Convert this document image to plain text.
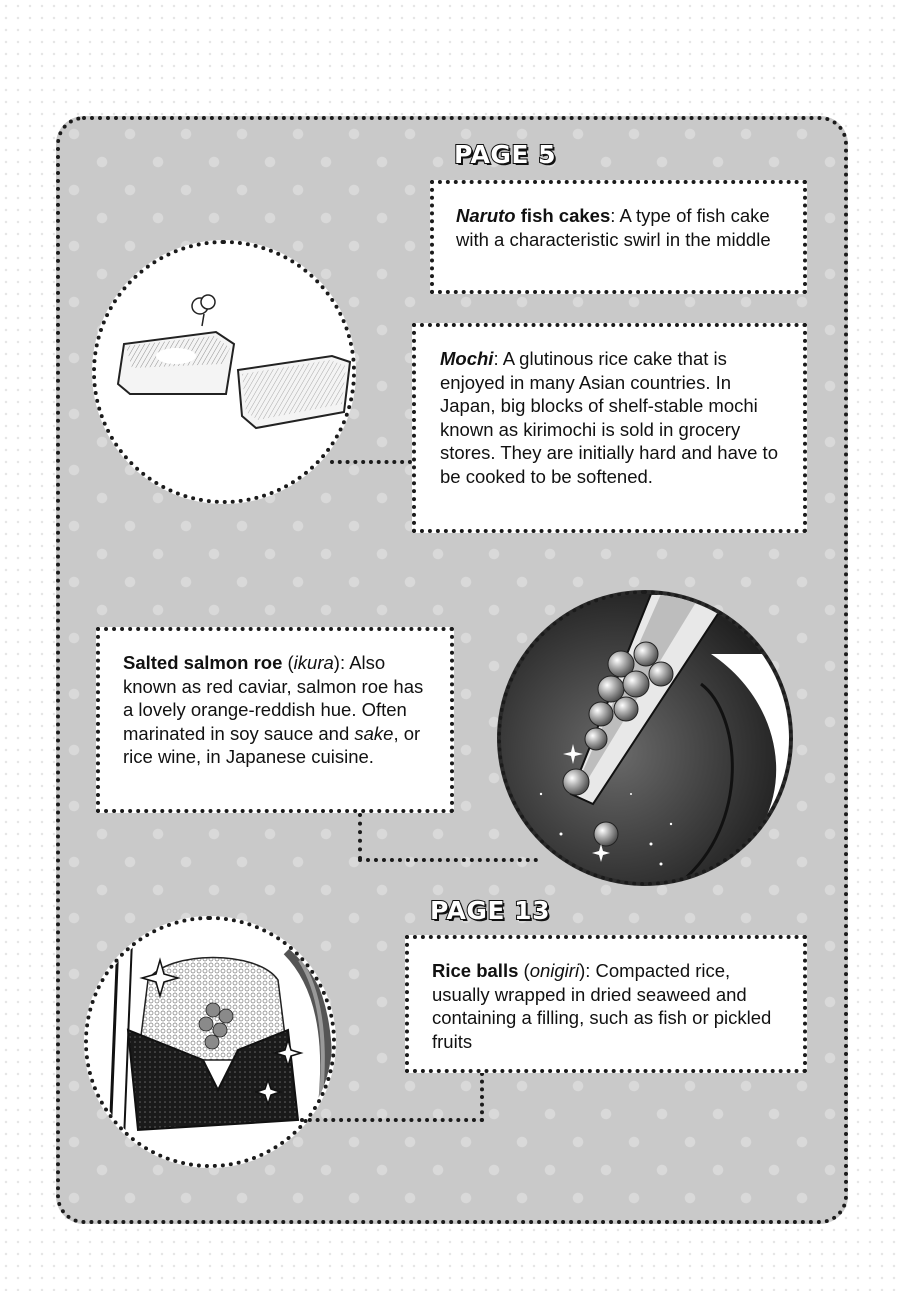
PAGE 5

Naruto fish cakes: A type of fish cake with a characteristic swirl in the middle

Mochi: A glutinous rice cake that is enjoyed in many Asian countries. In Japan, big blocks of shelf-stable mochi known as kirimochi is sold in grocery stores. They are initially hard and have to be cooked to be softened.

Salted salmon roe (ikura): Also known as red caviar, salmon roe has a lovely orange-reddish hue. Often marinated in soy sauce and sake, or rice wine, in Japanese cuisine.

PAGE 13

Rice balls (onigiri): Compacted rice, usually wrapped in dried seaweed and containing a filling, such as fish or pickled fruits
